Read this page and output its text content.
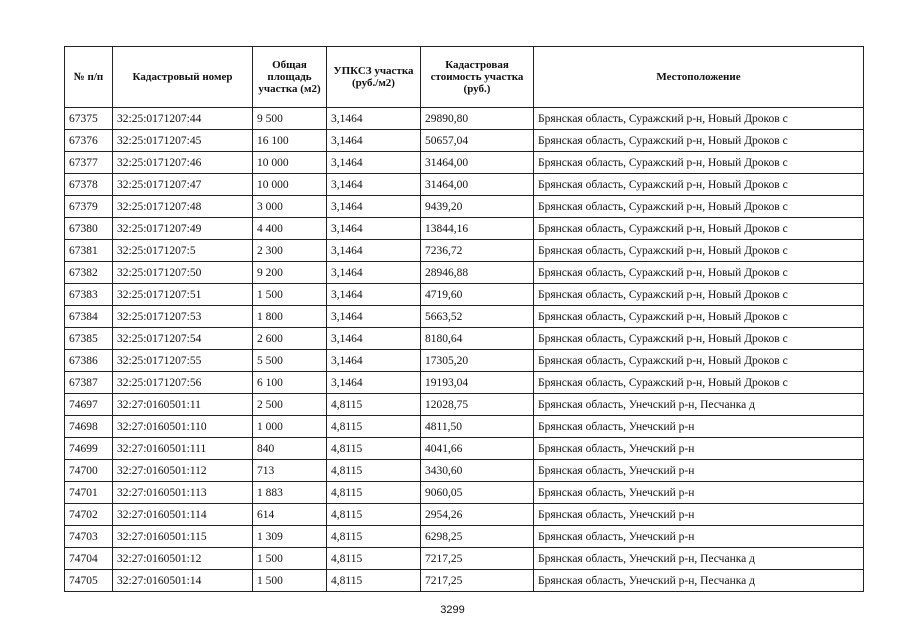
№ п/п	Кадастровый номер	Общая площадь участка (м2)	УПКСЗ участка (руб./м2)	Кадастровая стоимость участка (руб.)	Местоположение
67375	32:25:0171207:44	9 500	3,1464	29890,80	Брянская область, Суражский р-н, Новый Дроков с
67376	32:25:0171207:45	16 100	3,1464	50657,04	Брянская область, Суражский р-н, Новый Дроков с
67377	32:25:0171207:46	10 000	3,1464	31464,00	Брянская область, Суражский р-н, Новый Дроков с
67378	32:25:0171207:47	10 000	3,1464	31464,00	Брянская область, Суражский р-н, Новый Дроков с
67379	32:25:0171207:48	3 000	3,1464	9439,20	Брянская область, Суражский р-н, Новый Дроков с
67380	32:25:0171207:49	4 400	3,1464	13844,16	Брянская область, Суражский р-н, Новый Дроков с
67381	32:25:0171207:5	2 300	3,1464	7236,72	Брянская область, Суражский р-н, Новый Дроков с
67382	32:25:0171207:50	9 200	3,1464	28946,88	Брянская область, Суражский р-н, Новый Дроков с
67383	32:25:0171207:51	1 500	3,1464	4719,60	Брянская область, Суражский р-н, Новый Дроков с
67384	32:25:0171207:53	1 800	3,1464	5663,52	Брянская область, Суражский р-н, Новый Дроков с
67385	32:25:0171207:54	2 600	3,1464	8180,64	Брянская область, Суражский р-н, Новый Дроков с
67386	32:25:0171207:55	5 500	3,1464	17305,20	Брянская область, Суражский р-н, Новый Дроков с
67387	32:25:0171207:56	6 100	3,1464	19193,04	Брянская область, Суражский р-н, Новый Дроков с
74697	32:27:0160501:11	2 500	4,8115	12028,75	Брянская область, Унечский р-н, Песчанка д
74698	32:27:0160501:110	1 000	4,8115	4811,50	Брянская область, Унечский р-н
74699	32:27:0160501:111	840	4,8115	4041,66	Брянская область, Унечский р-н
74700	32:27:0160501:112	713	4,8115	3430,60	Брянская область, Унечский р-н
74701	32:27:0160501:113	1 883	4,8115	9060,05	Брянская область, Унечский р-н
74702	32:27:0160501:114	614	4,8115	2954,26	Брянская область, Унечский р-н
74703	32:27:0160501:115	1 309	4,8115	6298,25	Брянская область, Унечский р-н
74704	32:27:0160501:12	1 500	4,8115	7217,25	Брянская область, Унечский р-н, Песчанка д
74705	32:27:0160501:14	1 500	4,8115	7217,25	Брянская область, Унечский р-н, Песчанка д
3299
